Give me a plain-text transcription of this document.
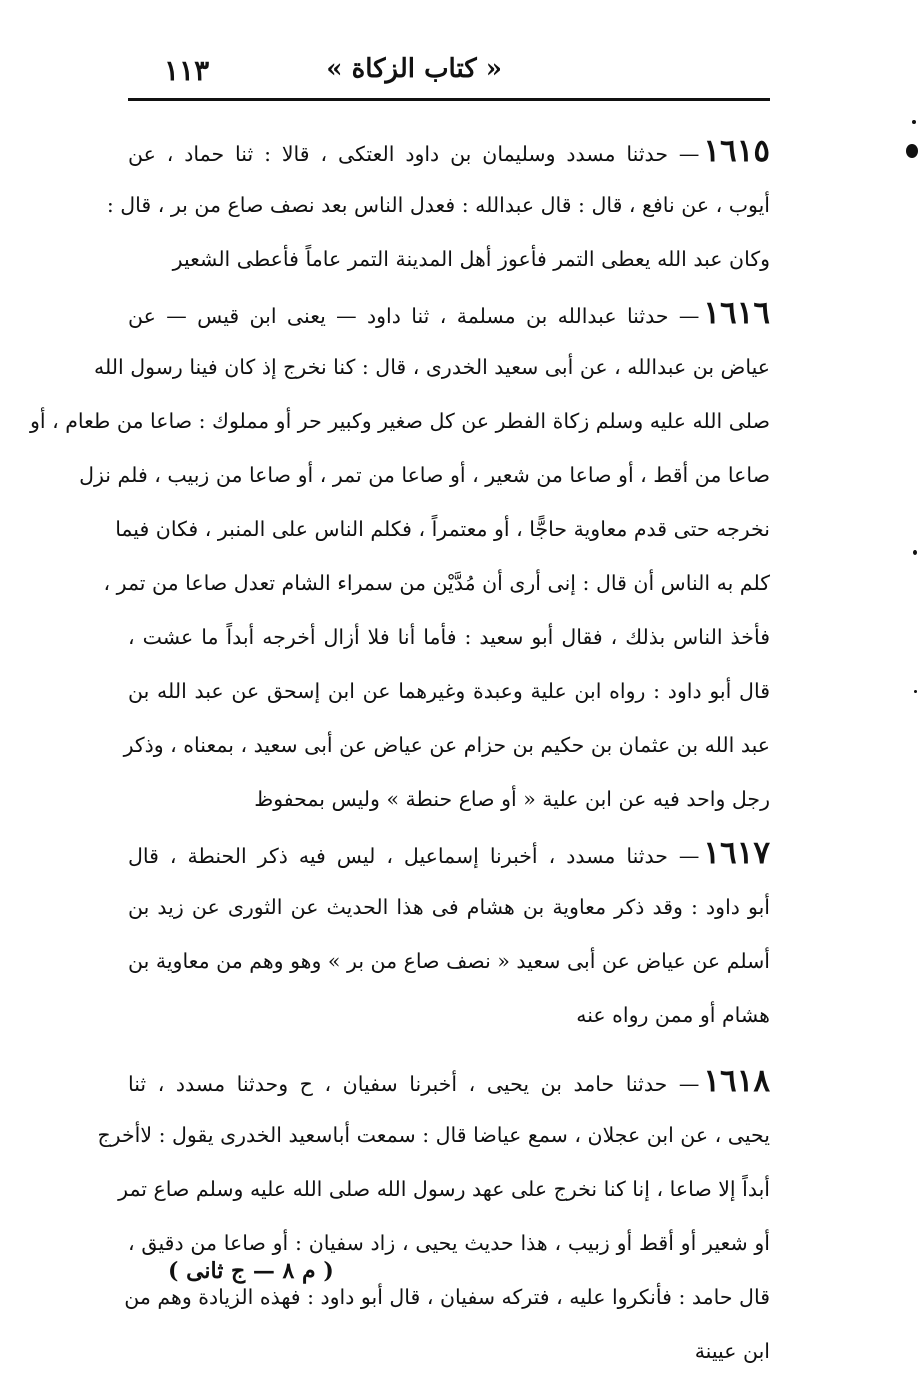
« كتاب الزكاة »
١١٣
١٦١٥— حدثنا مسدد وسليمان بن داود العتكى ، قالا : ثنا حماد ، عن
أيوب ، عن نافع ، قال : قال عبدالله : فعدل الناس بعد نصف صاع من بر ، قال :
وكان عبد الله يعطى التمر فأعوز أهل المدينة التمر عاماً فأعطى الشعير
١٦١٦— حدثنا عبدالله بن مسلمة ، ثنا داود — يعنى ابن قيس — عن
عياض بن عبدالله ، عن أبى سعيد الخدرى ، قال : كنا نخرج إذ كان فينا رسول الله
صلى الله عليه وسلم زكاة الفطر عن كل صغير وكبير حر أو مملوك : صاعا من طعام ، أو
صاعا من أقط ، أو صاعا من شعير ، أو صاعا من تمر ، أو صاعا من زبيب ، فلم نزل
نخرجه حتى قدم معاوية حاجًّا ، أو معتمراً ، فكلم الناس على المنبر ، فكان فيما
كلم به الناس أن قال : إنى أرى أن مُدَّيْن من سمراء الشام تعدل صاعا من تمر ،
فأخذ الناس بذلك ، فقال أبو سعيد : فأما أنا فلا أزال أخرجه أبداً ما عشت ،
قال أبو داود : رواه ابن علية وعبدة وغيرهما عن ابن إسحق عن عبد الله بن
عبد الله بن عثمان بن حكيم بن حزام عن عياض عن أبى سعيد ، بمعناه ، وذكر
رجل واحد فيه عن ابن علية « أو صاع حنطة » وليس بمحفوظ
١٦١٧— حدثنا مسدد ، أخبرنا إسماعيل ، ليس فيه ذكر الحنطة ، قال
أبو داود : وقد ذكر معاوية بن هشام فى هذا الحديث عن الثورى عن زيد بن
أسلم عن عياض عن أبى سعيد « نصف صاع من بر » وهو وهم من معاوية بن
هشام أو ممن رواه عنه
١٦١٨— حدثنا حامد بن يحيى ، أخبرنا سفيان ، ح وحدثنا مسدد ، ثنا
يحيى ، عن ابن عجلان ، سمع عياضا قال : سمعت أباسعيد الخدرى يقول : لاأخرج
أبداً إلا صاعا ، إنا كنا نخرج على عهد رسول الله صلى الله عليه وسلم صاع تمر
أو شعير أو أقط أو زبيب ، هذا حديث يحيى ، زاد سفيان : أو صاعا من دقيق ،
قال حامد : فأنكروا عليه ، فتركه سفيان ، قال أبو داود : فهذه الزيادة وهم من
ابن عيينة
( م ٨ — ج ثانى )
